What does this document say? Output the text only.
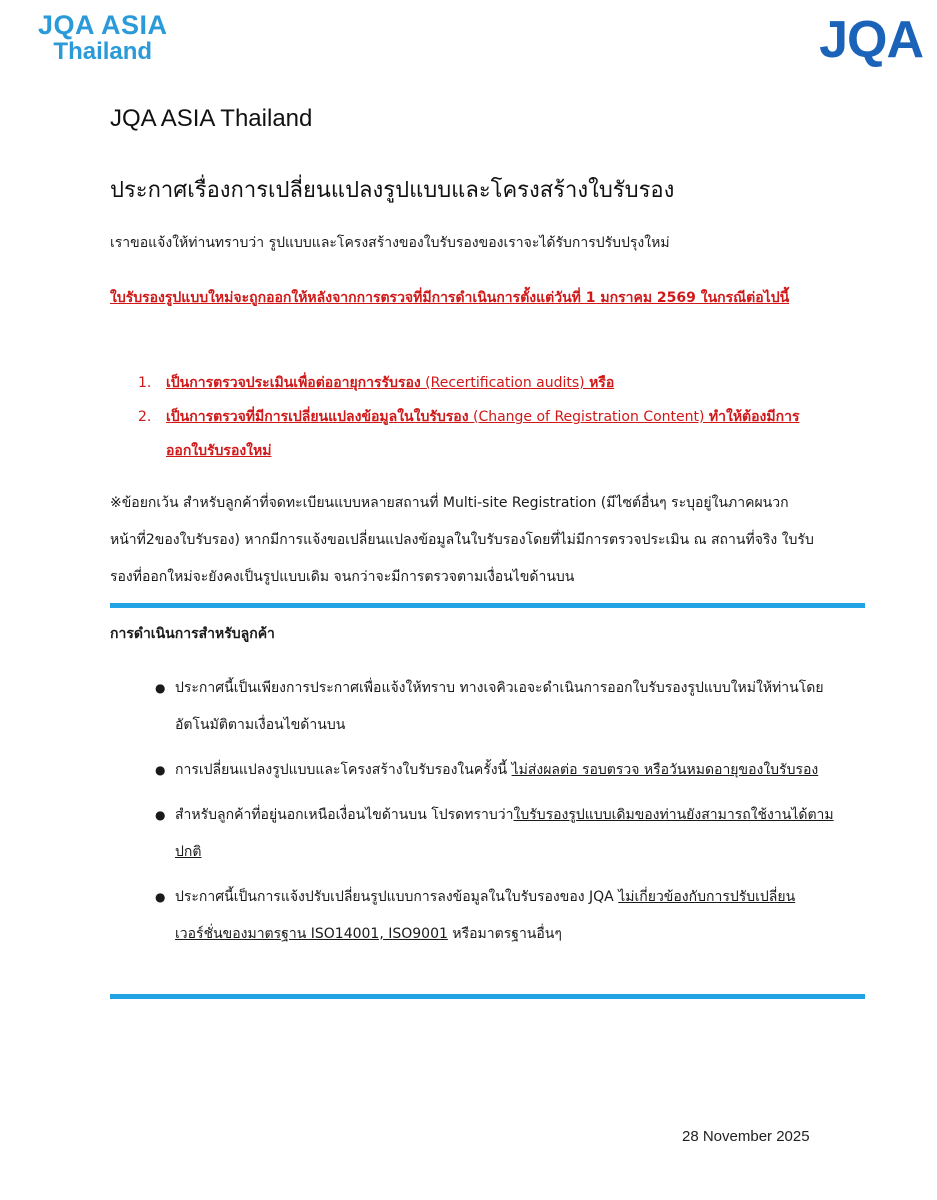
JQA ASIA
Thailand	JQA
JQA ASIA Thailand
ประกาศเรื่องการเปลี่ยนแปลงรูปแบบและโครงสร้างใบรับรอง
เราขอแจ้งให้ท่านทราบว่า รูปแบบและโครงสร้างของใบรับรองของเราจะได้รับการปรับปรุงใหม่
ใบรับรองรูปแบบใหม่จะถูกออกให้หลังจากการตรวจที่มีการดำเนินการตั้งแต่วันที่ 1 มกราคม 2569 ในกรณีต่อไปนี้
1.	เป็นการตรวจประเมินเพื่อต่ออายุการรับรอง (Recertification audits) หรือ
2.	เป็นการตรวจที่มีการเปลี่ยนแปลงข้อมูลในใบรับรอง (Change of Registration Content) ทำให้ต้องมีการออกใบรับรองใหม่
※ข้อยกเว้น สำหรับลูกค้าที่จดทะเบียนแบบหลายสถานที่ Multi-site Registration (มีไซต์อื่นๆ ระบุอยู่ในภาคผนวกหน้าที่2ของใบรับรอง) หากมีการแจ้งขอเปลี่ยนแปลงข้อมูลในใบรับรองโดยที่ไม่มีการตรวจประเมิน ณ สถานที่จริง ใบรับรองที่ออกใหม่จะยังคงเป็นรูปแบบเดิม จนกว่าจะมีการตรวจตามเงื่อนไขด้านบน
การดำเนินการสำหรับลูกค้า
● ประกาศนี้เป็นเพียงการประกาศเพื่อแจ้งให้ทราบ ทางเจคิวเอจะดำเนินการออกใบรับรองรูปแบบใหม่ให้ท่านโดยอัตโนมัติตามเงื่อนไขด้านบน
● การเปลี่ยนแปลงรูปแบบและโครงสร้างใบรับรองในครั้งนี้ ไม่ส่งผลต่อ รอบตรวจ หรือวันหมดอายุของใบรับรอง
● สำหรับลูกค้าที่อยู่นอกเหนือเงื่อนไขด้านบน โปรดทราบว่าใบรับรองรูปแบบเดิมของท่านยังสามารถใช้งานได้ตามปกติ
● ประกาศนี้เป็นการแจ้งปรับเปลี่ยนรูปแบบการลงข้อมูลในใบรับรองของ JQA ไม่เกี่ยวข้องกับการปรับเปลี่ยนเวอร์ชั่นของมาตรฐาน ISO14001, ISO9001 หรือมาตรฐานอื่นๆ
28 November 2025
